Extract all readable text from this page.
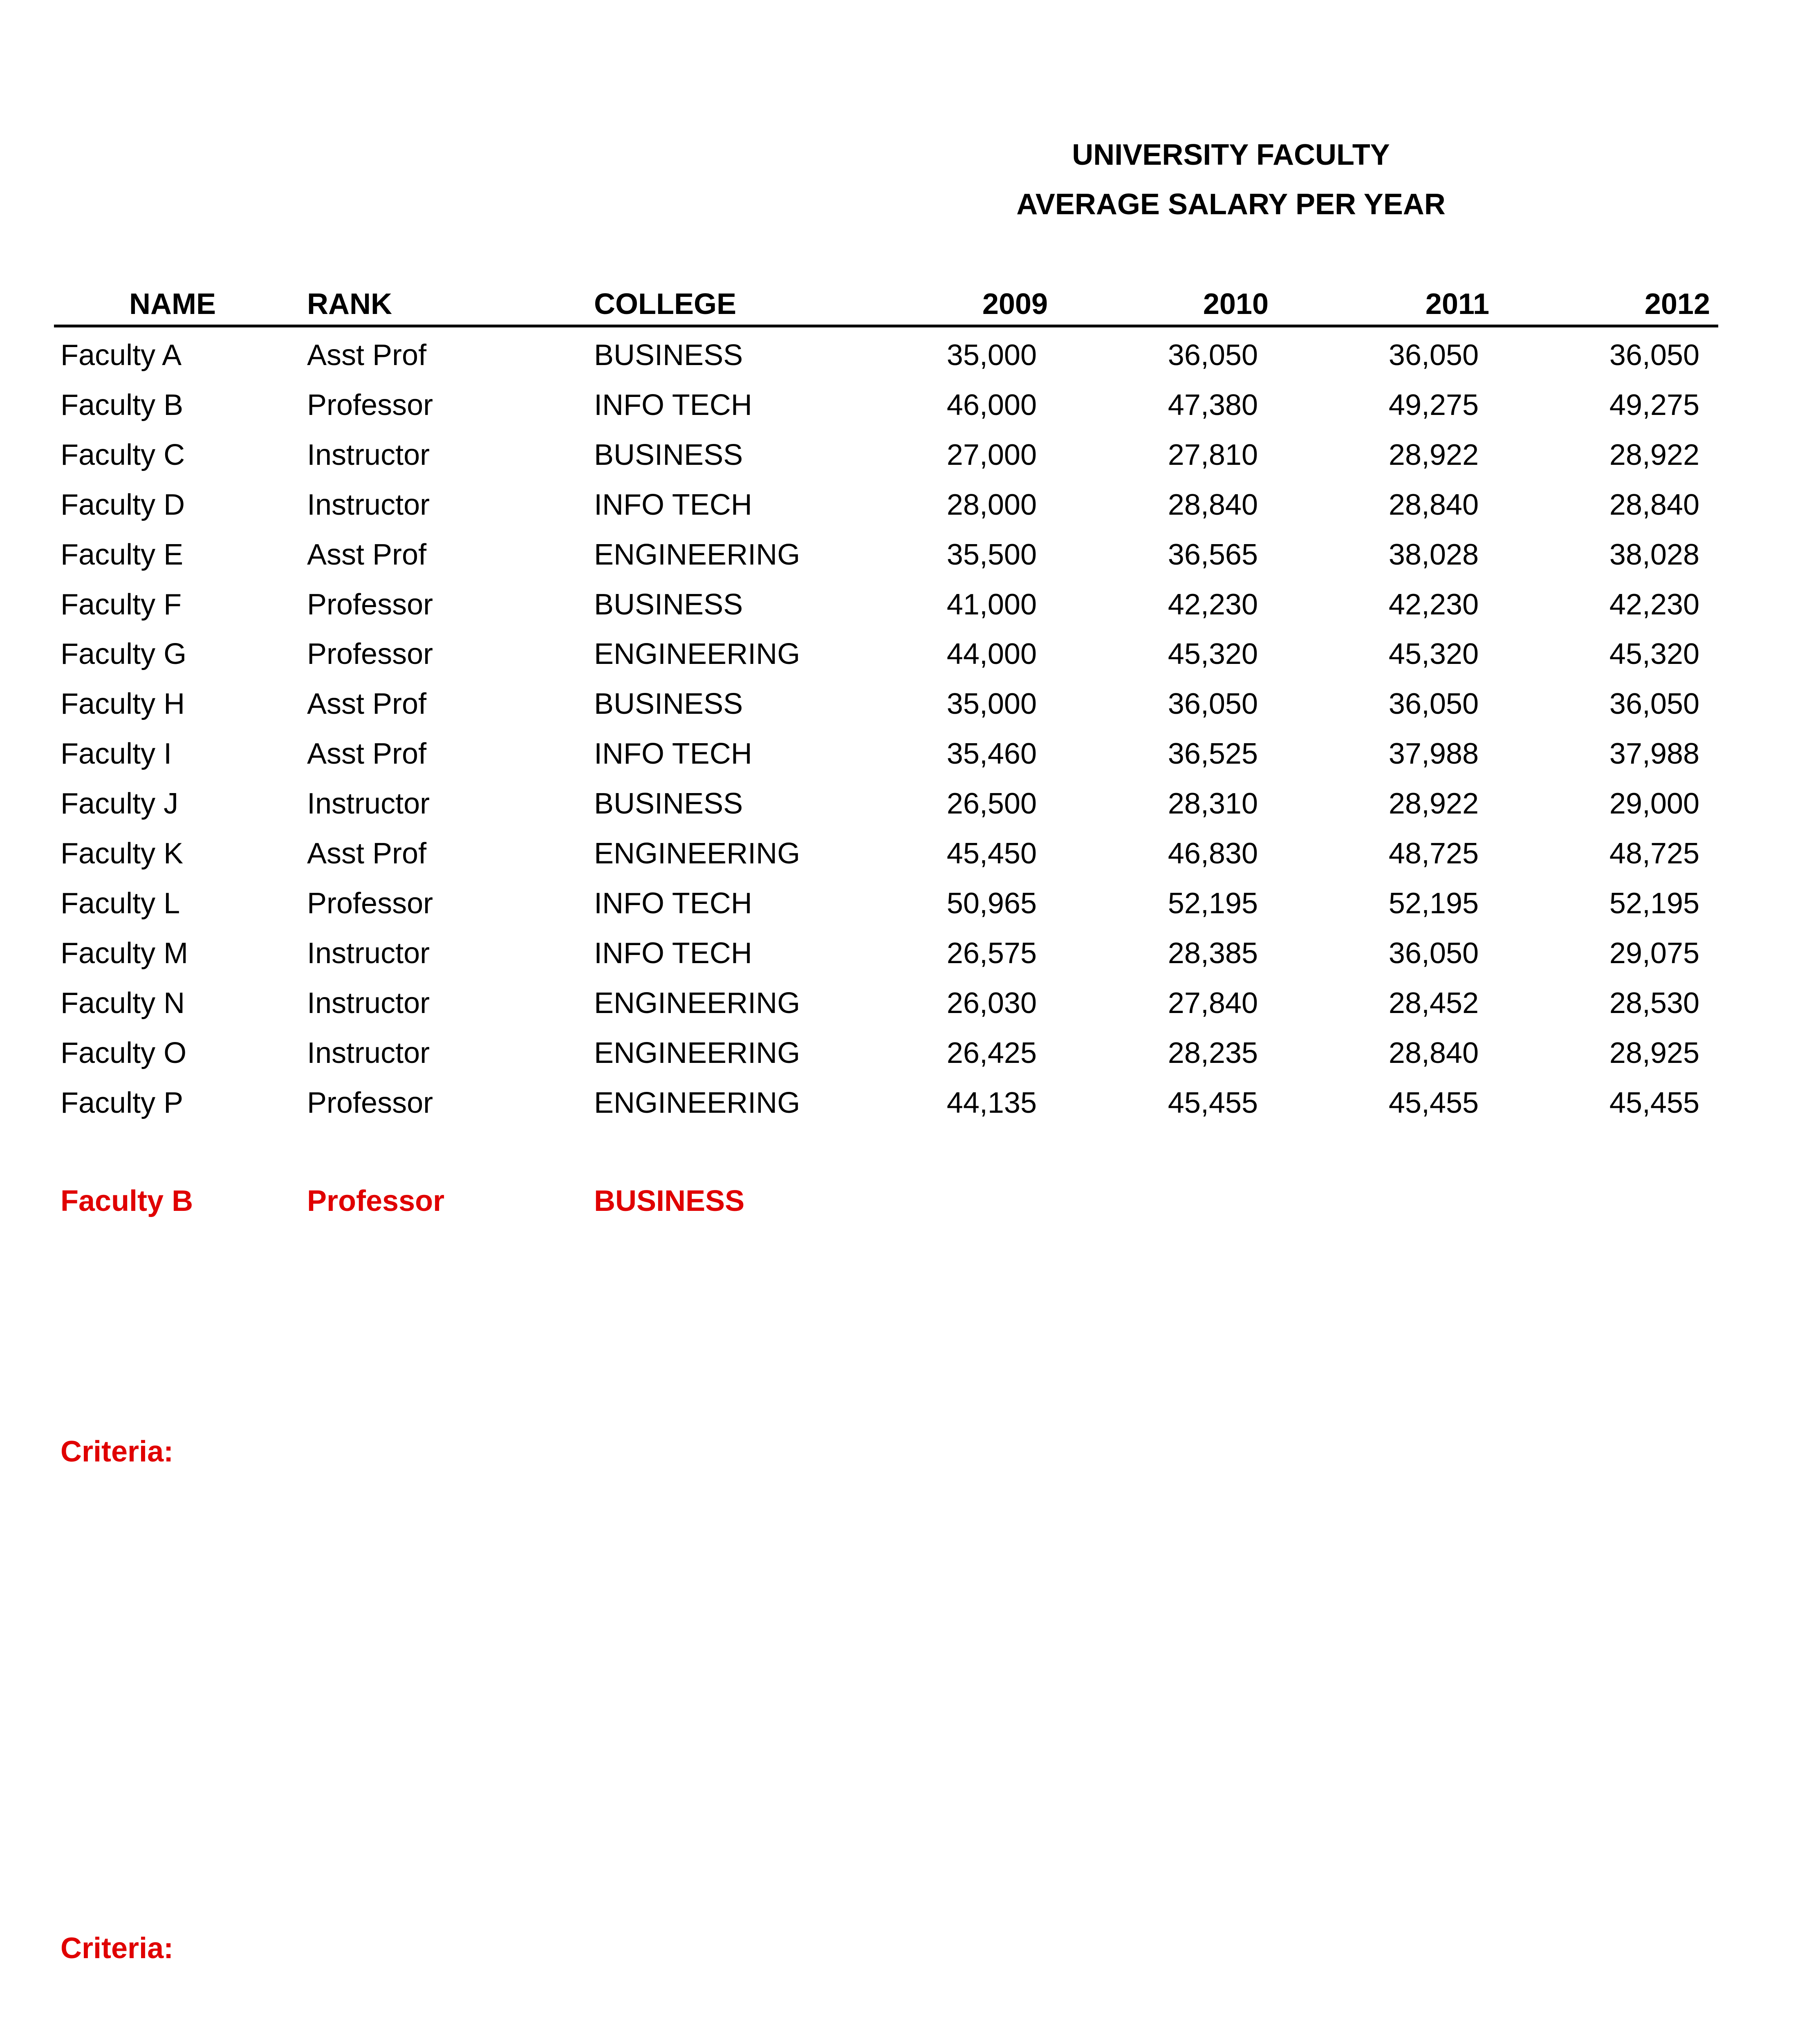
UNIVERSITY FACULTY
AVERAGE SALARY PER YEAR
NAME	RANK	COLLEGE	2009	2010	2011	2012
Faculty A	Asst Prof	BUSINESS	35,000	36,050	36,050	36,050
Faculty B	Professor	INFO TECH	46,000	47,380	49,275	49,275
Faculty C	Instructor	BUSINESS	27,000	27,810	28,922	28,922
Faculty D	Instructor	INFO TECH	28,000	28,840	28,840	28,840
Faculty E	Asst Prof	ENGINEERING	35,500	36,565	38,028	38,028
Faculty F	Professor	BUSINESS	41,000	42,230	42,230	42,230
Faculty G	Professor	ENGINEERING	44,000	45,320	45,320	45,320
Faculty H	Asst Prof	BUSINESS	35,000	36,050	36,050	36,050
Faculty I	Asst Prof	INFO TECH	35,460	36,525	37,988	37,988
Faculty J	Instructor	BUSINESS	26,500	28,310	28,922	29,000
Faculty K	Asst Prof	ENGINEERING	45,450	46,830	48,725	48,725
Faculty L	Professor	INFO TECH	50,965	52,195	52,195	52,195
Faculty M	Instructor	INFO TECH	26,575	28,385	36,050	29,075
Faculty N	Instructor	ENGINEERING	26,030	27,840	28,452	28,530
Faculty O	Instructor	ENGINEERING	26,425	28,235	28,840	28,925
Faculty P	Professor	ENGINEERING	44,135	45,455	45,455	45,455
Faculty B	Professor	BUSINESS
Criteria:
Criteria:
